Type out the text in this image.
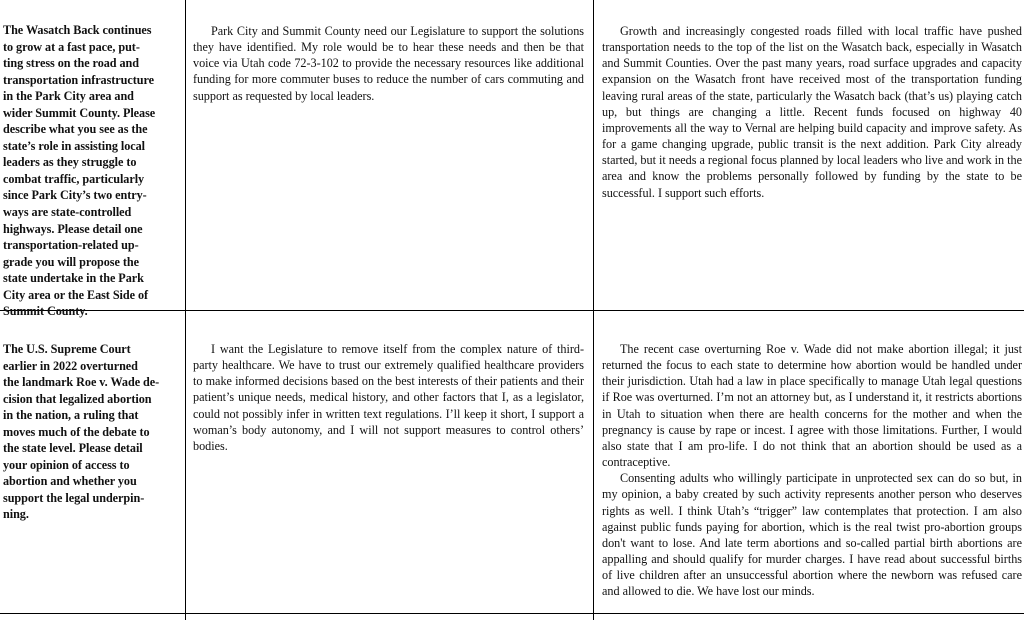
The Wasatch Back continues
to grow at a fast pace, put-
ting stress on the road and
transportation infrastructure
in the Park City area and
wider Summit County. Please
describe what you see as the
state’s role in assisting local
leaders as they struggle to
combat traffic, particularly
since Park City’s two entry-
ways are state-controlled
highways. Please detail one
transportation-related up-
grade you will propose the
state undertake in the Park
City area or the East Side of
Summit County.

Park City and Summit County need our Legislature to support the solutions they have identified. My role would be to hear these needs and then be that voice via Utah code 72-3-102 to provide the necessary resources like additional funding for more commuter buses to reduce the number of cars commuting and support as requested by local leaders.

Growth and increasingly congested roads filled with local traffic have pushed transportation needs to the top of the list on the Wasatch back, especially in Wasatch and Summit Counties. Over the past many years, road surface upgrades and capacity expansion on the Wasatch front have received most of the transportation funding leaving rural areas of the state, particularly the Wasatch back (that’s us) playing catch up, but things are changing a little. Recent funds focused on highway 40 improvements all the way to Vernal are helping build capacity and improve safety. As for a game changing upgrade, public transit is the next addition. Park City already started, but it needs a regional focus planned by local leaders who live and work in the area and know the problems personally followed by funding by the state to be successful. I support such efforts.

The U.S. Supreme Court
earlier in 2022 overturned
the landmark Roe v. Wade de-
cision that legalized abortion
in the nation, a ruling that
moves much of the debate to
the state level. Please detail
your opinion of access to
abortion and whether you
support the legal underpin-
ning.

I want the Legislature to remove itself from the complex nature of third-party healthcare. We have to trust our extremely qualified healthcare providers to make informed decisions based on the best interests of their patients and their patient’s unique needs, medical history, and other factors that I, as a legislator, could not possibly infer in written text regulations. I’ll keep it short, I support a woman’s body autonomy, and I will not support measures to control others’ bodies.

The recent case overturning Roe v. Wade did not make abortion illegal; it just returned the focus to each state to determine how abortion would be handled under their jurisdiction. Utah had a law in place specifically to manage Utah legal questions if Roe was overturned. I’m not an attorney but, as I understand it, it restricts abortions in Utah to situation when there are health concerns for the mother and when the pregnancy is cause by rape or incest. I agree with those limitations. Further, I would also state that I am pro-life. I do not think that an abortion should be used as a contraceptive.

Consenting adults who willingly participate in unprotected sex can do so but, in my opinion, a baby created by such activity represents another person who deserves rights as well. I think Utah’s “trigger” law contemplates that protection. I am also against public funds paying for abortion, which is the real twist pro-abortion groups don't want to lose. And late term abortions and so-called partial birth abortions are appalling and should qualify for murder charges. I have read about successful births of live children after an unsuccessful abortion where the newborn was refused care and allowed to die. We have lost our minds.
